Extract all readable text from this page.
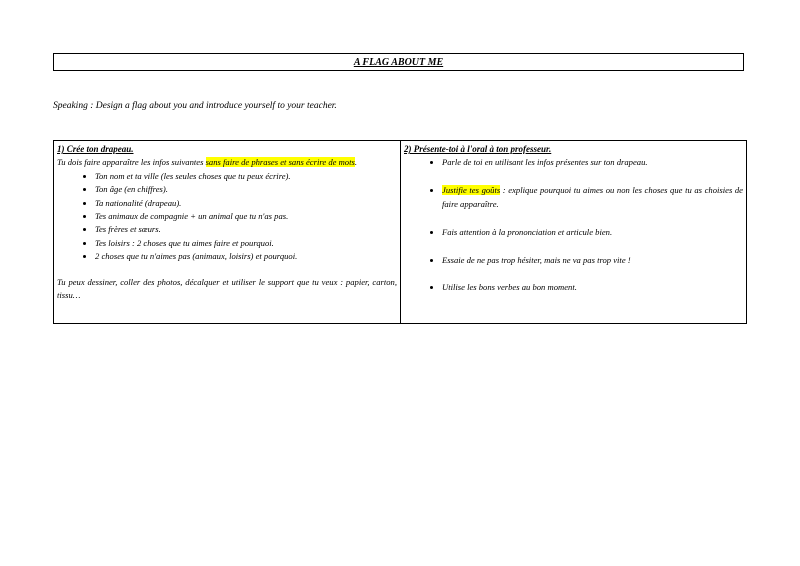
A FLAG ABOUT ME
Speaking : Design a flag about you and introduce yourself to your teacher.
1) Crée ton drapeau.
Tu dois faire apparaître les infos suivantes sans faire de phrases et sans écrire de mots.
• Ton nom et ta ville (les seules choses que tu peux écrire).
• Ton âge (en chiffres).
• Ta nationalité (drapeau).
• Tes animaux de compagnie + un animal que tu n'as pas.
• Tes frères et sœurs.
• Tes loisirs : 2 choses que tu aimes faire et pourquoi.
• 2 choses que tu n'aimes pas (animaux, loisirs) et pourquoi.
Tu peux dessiner, coller des photos, décalquer et utiliser le support que tu veux : papier, carton, tissu…
2) Présente-toi à l'oral à ton professeur.
• Parle de toi en utilisant les infos présentes sur ton drapeau.
• Justifie tes goûts : explique pourquoi tu aimes ou non les choses que tu as choisies de faire apparaître.
• Fais attention à la prononciation et articule bien.
• Essaie de ne pas trop hésiter, mais ne va pas trop vite !
• Utilise les bons verbes au bon moment.
